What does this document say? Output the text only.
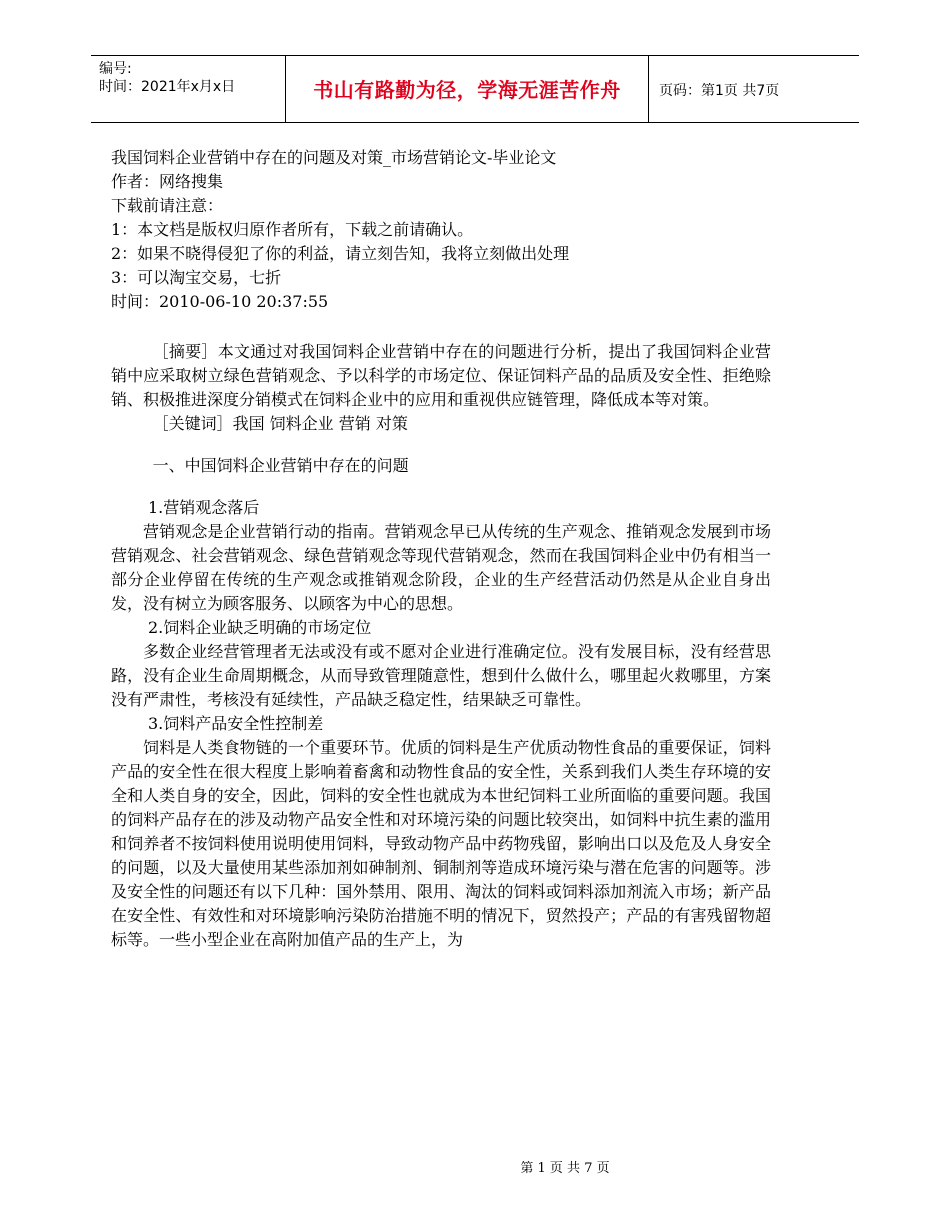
编号:
时间：2021年x月x日	书山有路勤为径，学海无涯苦作舟	页码：第1页 共7页
我国饲料企业营销中存在的问题及对策_市场营销论文-毕业论文
作者：网络搜集
下载前请注意：
1：本文档是版权归原作者所有，下载之前请确认。
2：如果不晓得侵犯了你的利益，请立刻告知，我将立刻做出处理
3：可以淘宝交易，七折
时间：2010-06-10 20:37:55

［摘要］本文通过对我国饲料企业营销中存在的问题进行分析，提出了我国饲料企业营销中应采取树立绿色营销观念、予以科学的市场定位、保证饲料产品的品质及安全性、拒绝赊销、积极推进深度分销模式在饲料企业中的应用和重视供应链管理，降低成本等对策。

［关键词］我国 饲料企业 营销 对策

一、中国饲料企业营销中存在的问题

1.营销观念落后

营销观念是企业营销行动的指南。营销观念早已从传统的生产观念、推销观念发展到市场营销观念、社会营销观念、绿色营销观念等现代营销观念，然而在我国饲料企业中仍有相当一部分企业停留在传统的生产观念或推销观念阶段，企业的生产经营活动仍然是从企业自身出发，没有树立为顾客服务、以顾客为中心的思想。

2.饲料企业缺乏明确的市场定位

多数企业经营管理者无法或没有或不愿对企业进行准确定位。没有发展目标，没有经营思路，没有企业生命周期概念，从而导致管理随意性，想到什么做什么，哪里起火救哪里，方案没有严肃性，考核没有延续性，产品缺乏稳定性，结果缺乏可靠性。

3.饲料产品安全性控制差

饲料是人类食物链的一个重要环节。优质的饲料是生产优质动物性食品的重要保证，饲料产品的安全性在很大程度上影响着畜禽和动物性食品的安全性，关系到我们人类生存环境的安全和人类自身的安全，因此，饲料的安全性也就成为本世纪饲料工业所面临的重要问题。我国的饲料产品存在的涉及动物产品安全性和对环境污染的问题比较突出，如饲料中抗生素的滥用和饲养者不按饲料使用说明使用饲料，导致动物产品中药物残留，影响出口以及危及人身安全的问题，以及大量使用某些添加剂如砷制剂、铜制剂等造成环境污染与潜在危害的问题等。涉及安全性的问题还有以下几种：国外禁用、限用、淘汰的饲料或饲料添加剂流入市场；新产品在安全性、有效性和对环境影响污染防治措施不明的情况下，贸然投产；产品的有害残留物超标等。一些小型企业在高附加值产品的生产上，为

第 1 页 共 7 页
